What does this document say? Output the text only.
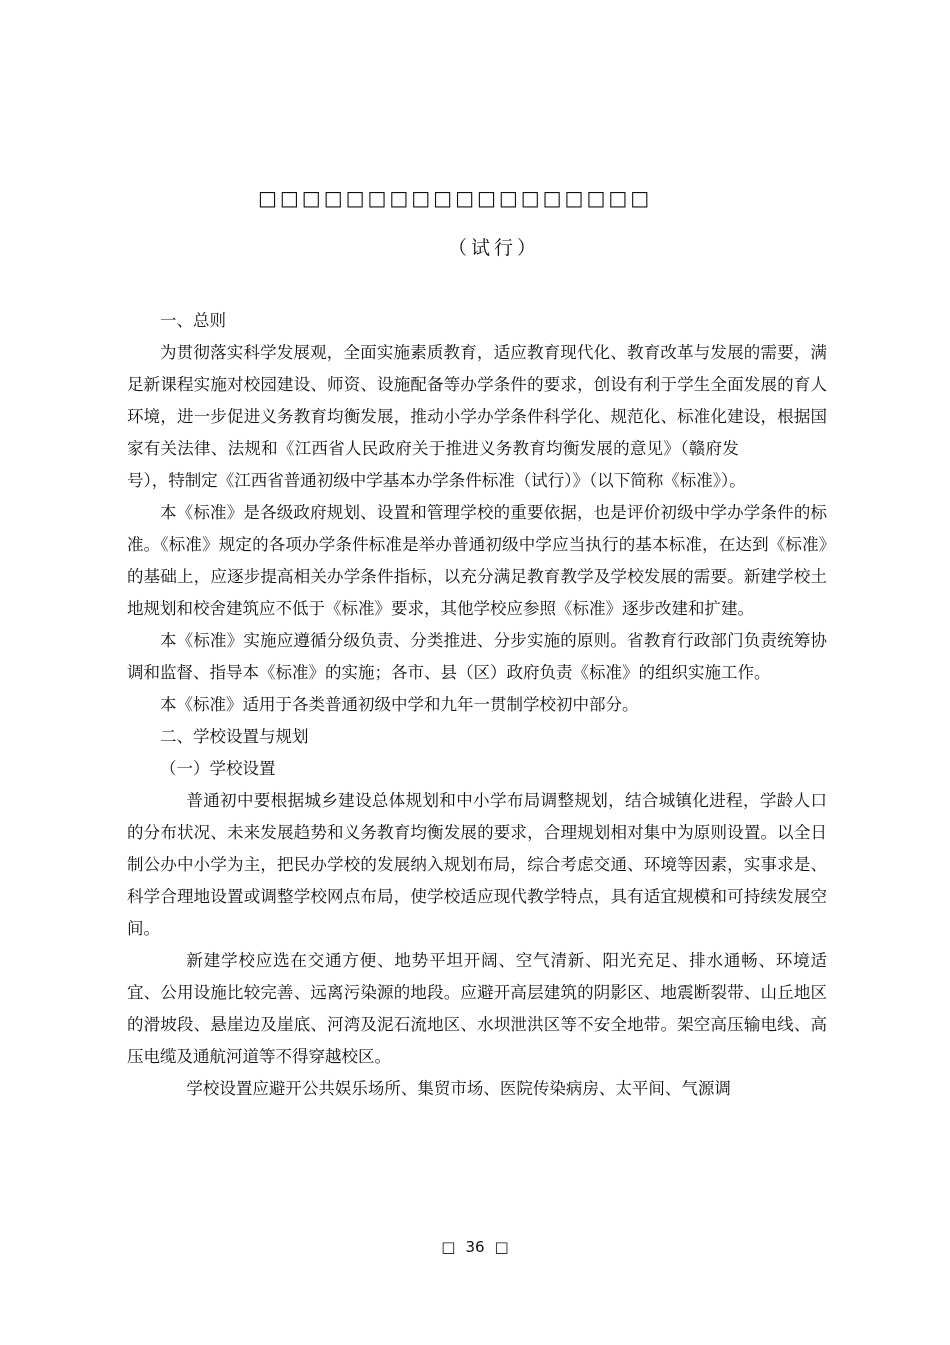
□□□□□□□□□□□□□□□□□□
（试行）

一、总则

为贯彻落实科学发展观，全面实施素质教育，适应教育现代化、教育改革与发展的需要，满足新课程实施对校园建设、师资、设施配备等办学条件的要求，创设有利于学生全面发展的育人环境，进一步促进义务教育均衡发展，推动小学办学条件科学化、规范化、标准化建设，根据国家有关法律、法规和《江西省人民政府关于推进义务教育均衡发展的意见》（赣府发号），特制定《江西省普通初级中学基本办学条件标准（试行）》（以下简称《标准》）。

本《标准》是各级政府规划、设置和管理学校的重要依据，也是评价初级中学办学条件的标准。《标准》规定的各项办学条件标准是举办普通初级中学应当执行的基本标准，在达到《标准》的基础上，应逐步提高相关办学条件指标，以充分满足教育教学及学校发展的需要。新建学校土地规划和校舍建筑应不低于《标准》要求，其他学校应参照《标准》逐步改建和扩建。

本《标准》实施应遵循分级负责、分类推进、分步实施的原则。省教育行政部门负责统筹协调和监督、指导本《标准》的实施；各市、县（区）政府负责《标准》的组织实施工作。

本《标准》适用于各类普通初级中学和九年一贯制学校初中部分。

二、学校设置与规划

（一）学校设置

普通初中要根据城乡建设总体规划和中小学布局调整规划，结合城镇化进程，学龄人口的分布状况、未来发展趋势和义务教育均衡发展的要求，合理规划相对集中为原则设置。以全日制公办中小学为主，把民办学校的发展纳入规划布局，综合考虑交通、环境等因素，实事求是、科学合理地设置或调整学校网点布局，使学校适应现代教学特点，具有适宜规模和可持续发展空间。

新建学校应选在交通方便、地势平坦开阔、空气清新、阳光充足、排水通畅、环境适宜、公用设施比较完善、远离污染源的地段。应避开高层建筑的阴影区、地震断裂带、山丘地区的滑坡段、悬崖边及崖底、河湾及泥石流地区、水坝泄洪区等不安全地带。架空高压输电线、高压电缆及通航河道等不得穿越校区。

学校设置应避开公共娱乐场所、集贸市场、医院传染病房、太平间、气源调

□ 36 □
